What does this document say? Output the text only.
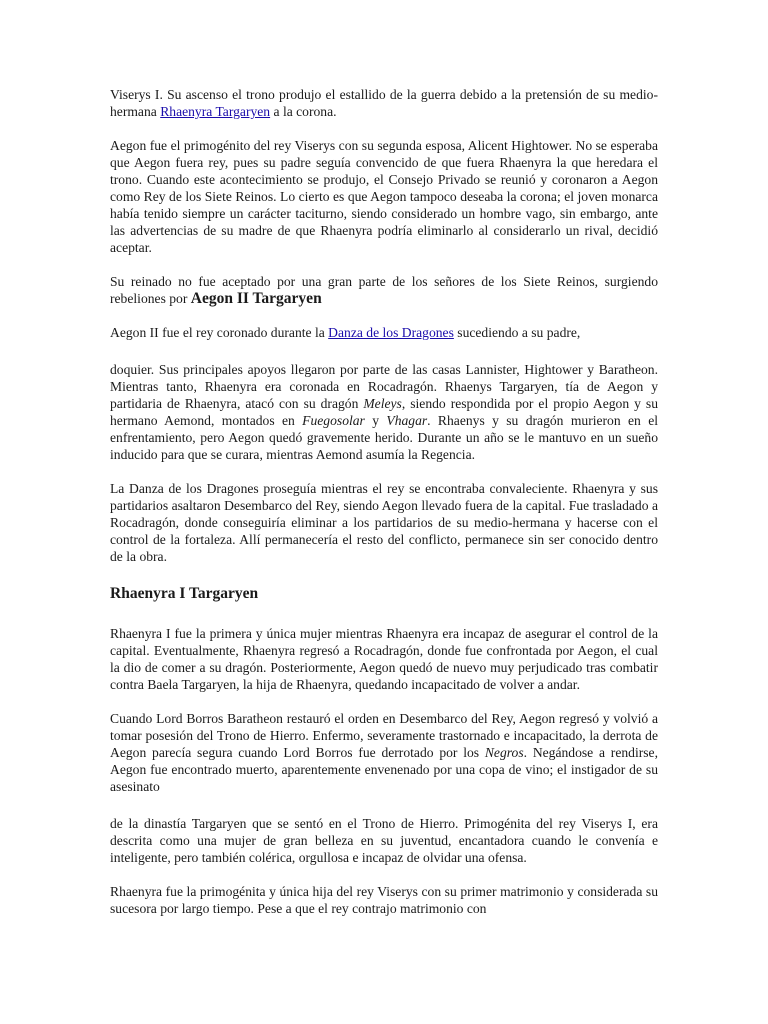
Viserys I. Su ascenso el trono produjo el estallido de la guerra debido a la pretensión de su medio-hermana Rhaenyra Targaryen a la corona.

Aegon fue el primogénito del rey Viserys con su segunda esposa, Alicent Hightower. No se esperaba que Aegon fuera rey, pues su padre seguía convencido de que fuera Rhaenyra la que heredara el trono. Cuando este acontecimiento se produjo, el Consejo Privado se reunió y coronaron a Aegon como Rey de los Siete Reinos. Lo cierto es que Aegon tampoco deseaba la corona; el joven monarca había tenido siempre un carácter taciturno, siendo considerado un hombre vago, sin embargo, ante las advertencias de su madre de que Rhaenyra podría eliminarlo al considerarlo un rival, decidió aceptar.

Su reinado no fue aceptado por una gran parte de los señores de los Siete Reinos, surgiendo rebeliones por Aegon II Targaryen

Aegon II fue el rey coronado durante la Danza de los Dragones sucediendo a su padre,

doquier. Sus principales apoyos llegaron por parte de las casas Lannister, Hightower y Baratheon. Mientras tanto, Rhaenyra era coronada en Rocadragón. Rhaenys Targaryen, tía de Aegon y partidaria de Rhaenyra, atacó con su dragón Meleys, siendo respondida por el propio Aegon y su hermano Aemond, montados en Fuegosolar y Vhagar. Rhaenys y su dragón murieron en el enfrentamiento, pero Aegon quedó gravemente herido. Durante un año se le mantuvo en un sueño inducido para que se curara, mientras Aemond asumía la Regencia.

La Danza de los Dragones proseguía mientras el rey se encontraba convaleciente. Rhaenyra y sus partidarios asaltaron Desembarco del Rey, siendo Aegon llevado fuera de la capital. Fue trasladado a Rocadragón, donde conseguiría eliminar a los partidarios de su medio-hermana y hacerse con el control de la fortaleza. Allí permanecería el resto del conflicto, permanece sin ser conocido dentro de la obra.

Rhaenyra I Targaryen

Rhaenyra I fue la primera y única mujer mientras Rhaenyra era incapaz de asegurar el control de la capital. Eventualmente, Rhaenyra regresó a Rocadragón, donde fue confrontada por Aegon, el cual la dio de comer a su dragón. Posteriormente, Aegon quedó de nuevo muy perjudicado tras combatir contra Baela Targaryen, la hija de Rhaenyra, quedando incapacitado de volver a andar.

Cuando Lord Borros Baratheon restauró el orden en Desembarco del Rey, Aegon regresó y volvió a tomar posesión del Trono de Hierro. Enfermo, severamente trastornado e incapacitado, la derrota de Aegon parecía segura cuando Lord Borros fue derrotado por los Negros. Negándose a rendirse, Aegon fue encontrado muerto, aparentemente envenenado por una copa de vino; el instigador de su asesinato

de la dinastía Targaryen que se sentó en el Trono de Hierro. Primogénita del rey Viserys I, era descrita como una mujer de gran belleza en su juventud, encantadora cuando le convenía e inteligente, pero también colérica, orgullosa e incapaz de olvidar una ofensa.

Rhaenyra fue la primogénita y única hija del rey Viserys con su primer matrimonio y considerada su sucesora por largo tiempo. Pese a que el rey contrajo matrimonio con
